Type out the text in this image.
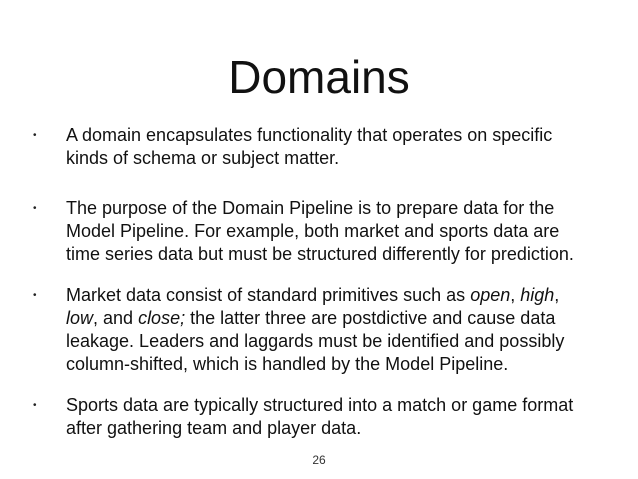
Domains
• A domain encapsulates functionality that operates on specific
kinds of schema or subject matter.
• The purpose of the Domain Pipeline is to prepare data for the
Model Pipeline. For example, both market and sports data are
time series data but must be structured differently for prediction.
• Market data consist of standard primitives such as open, high,
low, and close; the latter three are postdictive and cause data
leakage. Leaders and laggards must be identified and possibly
column-shifted, which is handled by the Model Pipeline.
• Sports data are typically structured into a match or game format
after gathering team and player data.
26
